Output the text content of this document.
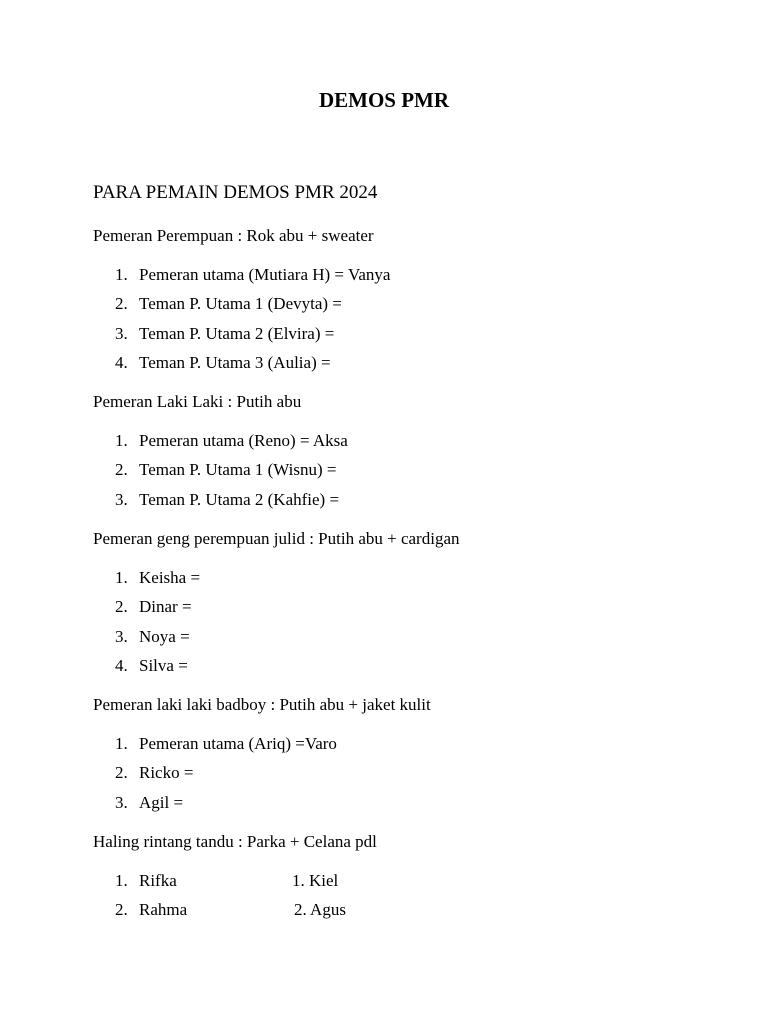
DEMOS PMR
PARA PEMAIN DEMOS PMR 2024
Pemeran Perempuan : Rok abu + sweater
1. Pemeran utama (Mutiara H) = Vanya
2. Teman P. Utama 1 (Devyta) =
3. Teman P. Utama 2 (Elvira) =
4. Teman P. Utama 3 (Aulia) =
Pemeran Laki Laki : Putih abu
1. Pemeran utama (Reno) = Aksa
2. Teman P. Utama 1 (Wisnu) =
3. Teman P. Utama 2 (Kahfie) =
Pemeran geng perempuan julid : Putih abu + cardigan
1. Keisha =
2. Dinar =
3. Noya =
4. Silva =
Pemeran laki laki badboy : Putih abu + jaket kulit
1. Pemeran utama (Ariq) =Varo
2. Ricko =
3. Agil =
Haling rintang tandu : Parka + Celana pdl
1. Rifka	1. Kiel
2. Rahma	2. Agus
